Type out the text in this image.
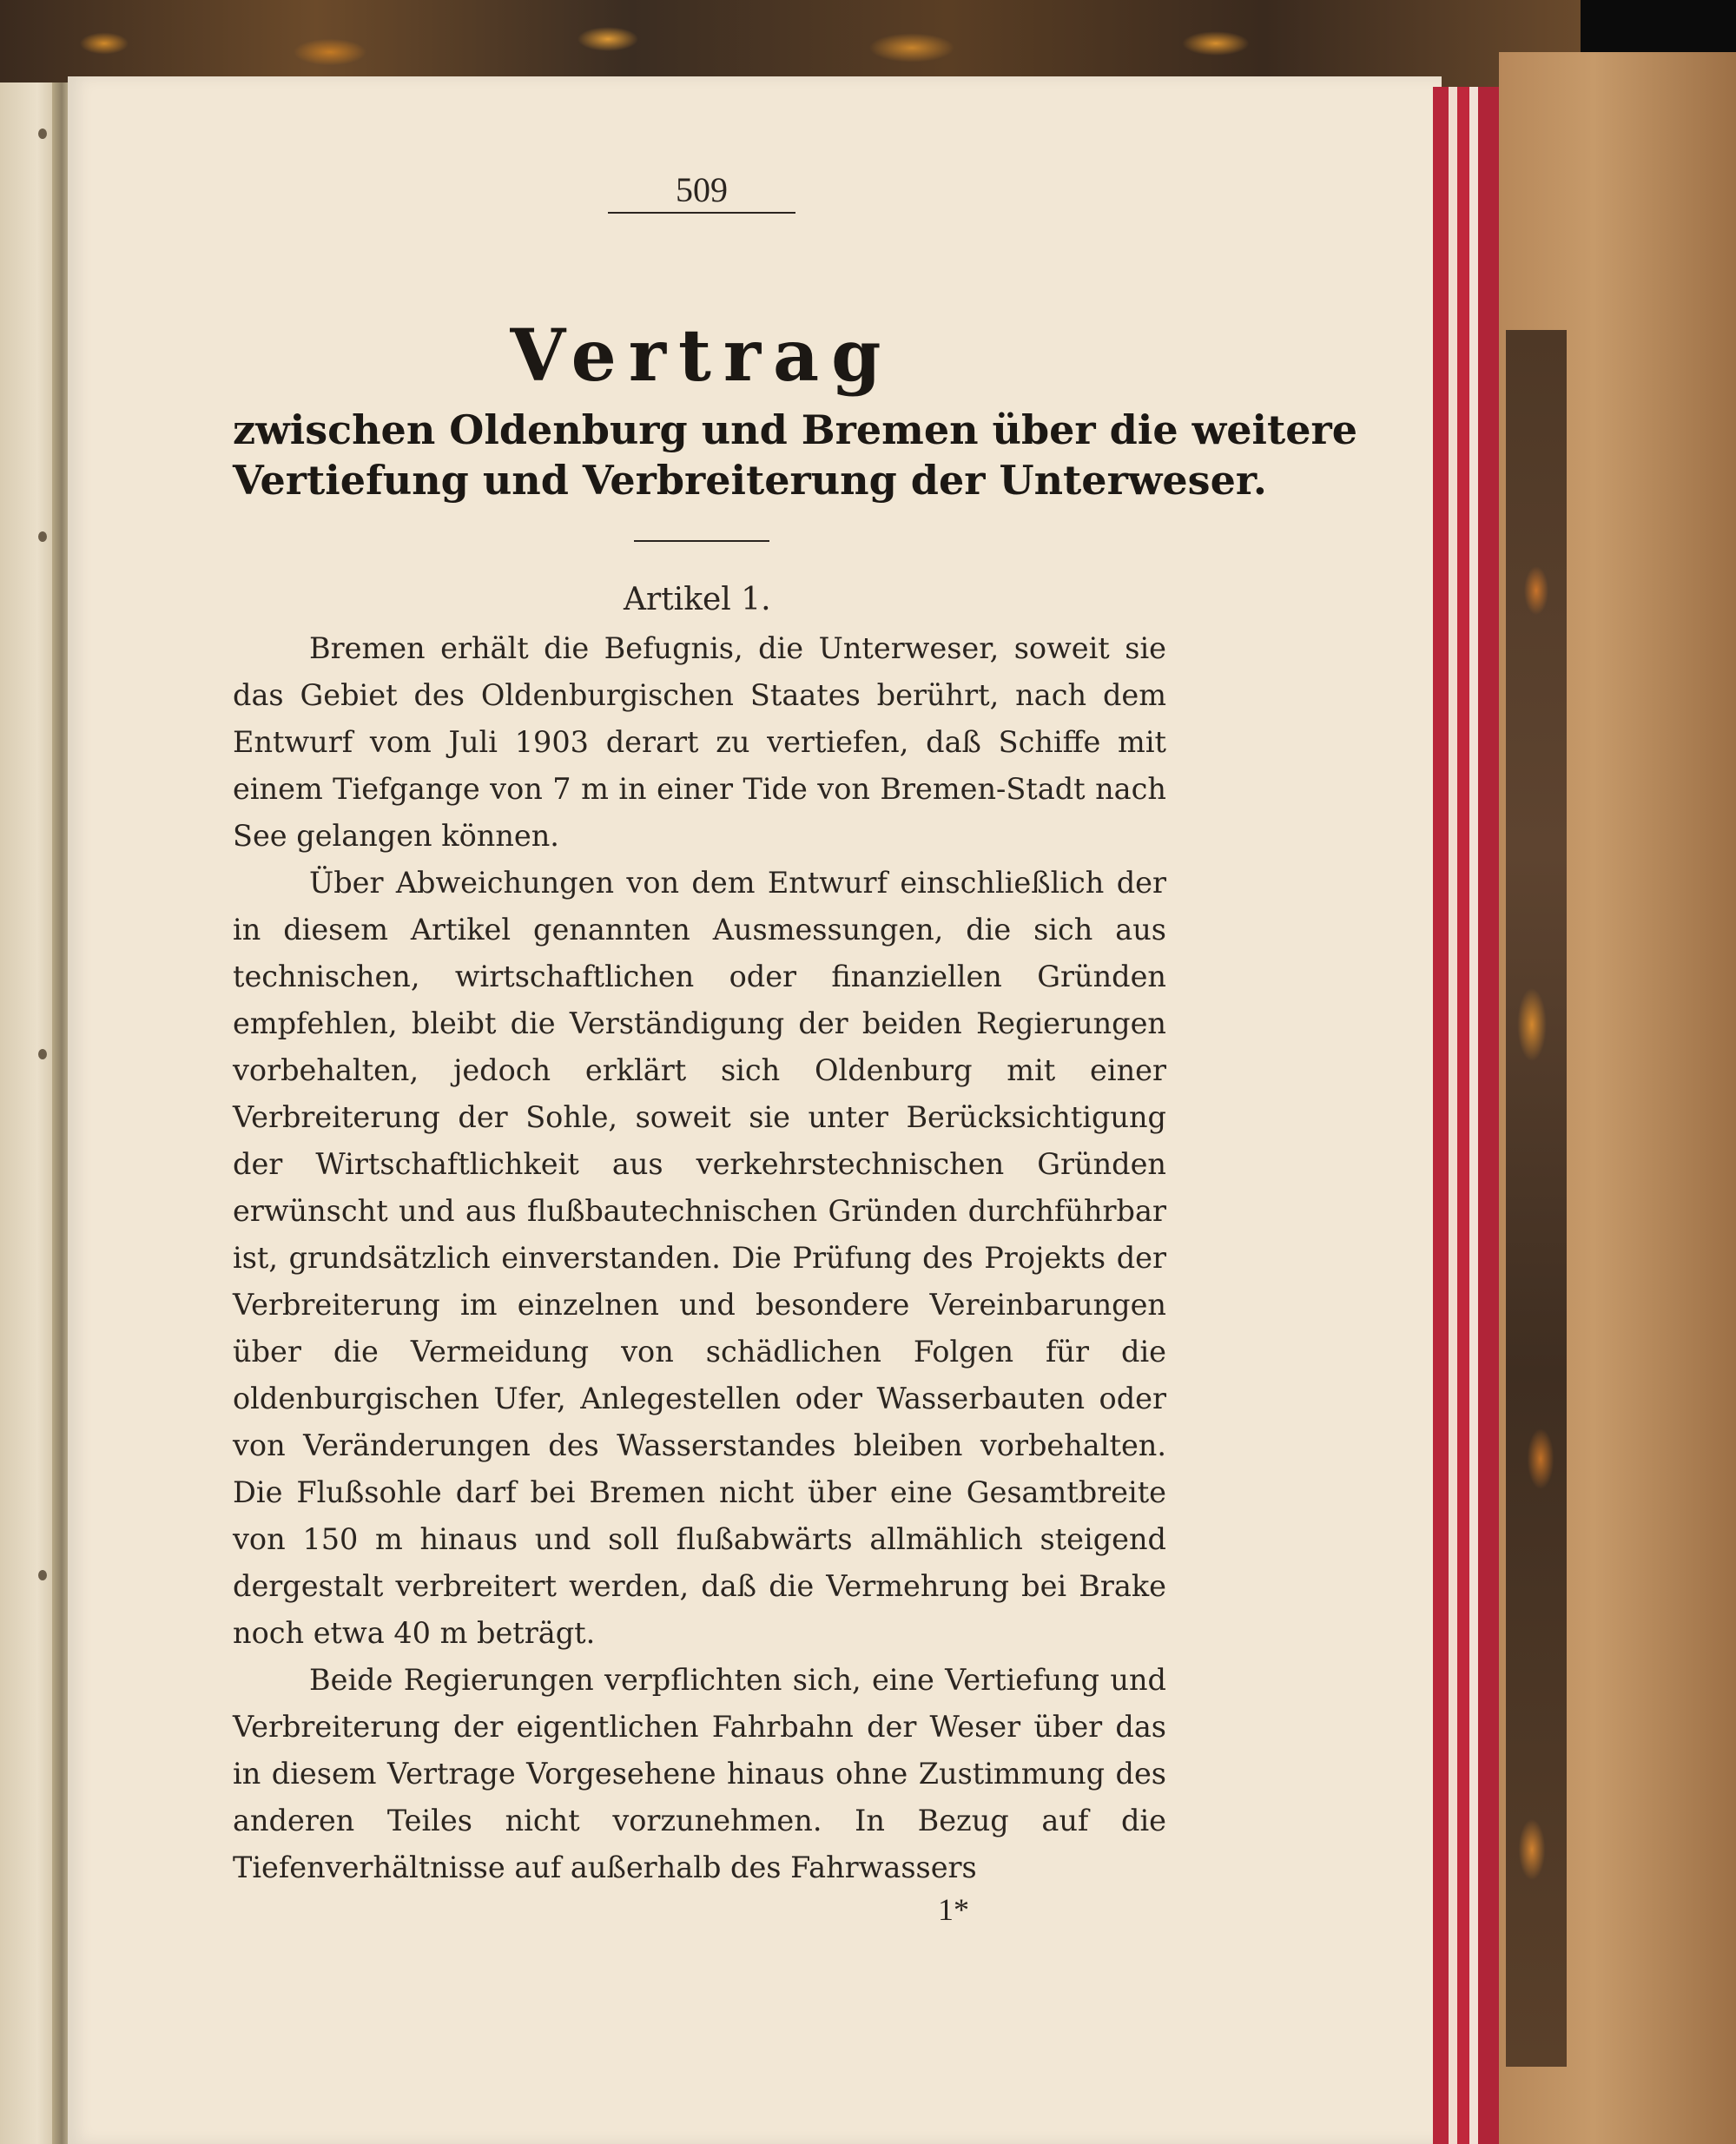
509
Vertrag
zwischen Oldenburg und Bremen über die weitere
Vertiefung und Verbreiterung der Unterweser.
Artikel 1.

Bremen erhält die Befugnis, die Unterweser, soweit sie das Gebiet des Oldenburgischen Staates berührt, nach dem Entwurf vom Juli 1903 derart zu vertiefen, daß Schiffe mit einem Tiefgange von 7 m in einer Tide von Bremen-Stadt nach See gelangen können.

Über Abweichungen von dem Entwurf einschließlich der in diesem Artikel genannten Ausmessungen, die sich aus technischen, wirtschaftlichen oder finanziellen Gründen empfehlen, bleibt die Verständigung der beiden Regierungen vorbehalten, jedoch erklärt sich Oldenburg mit einer Verbreiterung der Sohle, soweit sie unter Berücksichtigung der Wirtschaftlichkeit aus verkehrstechnischen Gründen erwünscht und aus flußbautechnischen Gründen durchführbar ist, grundsätzlich einverstanden. Die Prüfung des Projekts der Verbreiterung im einzelnen und besondere Vereinbarungen über die Vermeidung von schädlichen Folgen für die oldenburgischen Ufer, Anlegestellen oder Wasserbauten oder von Veränderungen des Wasserstandes bleiben vorbehalten. Die Flußsohle darf bei Bremen nicht über eine Gesamtbreite von 150 m hinaus und soll flußabwärts allmählich steigend dergestalt verbreitert werden, daß die Vermehrung bei Brake noch etwa 40 m beträgt.

Beide Regierungen verpflichten sich, eine Vertiefung und Verbreiterung der eigentlichen Fahrbahn der Weser über das in diesem Vertrage Vorgesehene hinaus ohne Zustimmung des anderen Teiles nicht vorzunehmen. In Bezug auf die Tiefenverhältnisse auf außerhalb des Fahrwassers

1*
